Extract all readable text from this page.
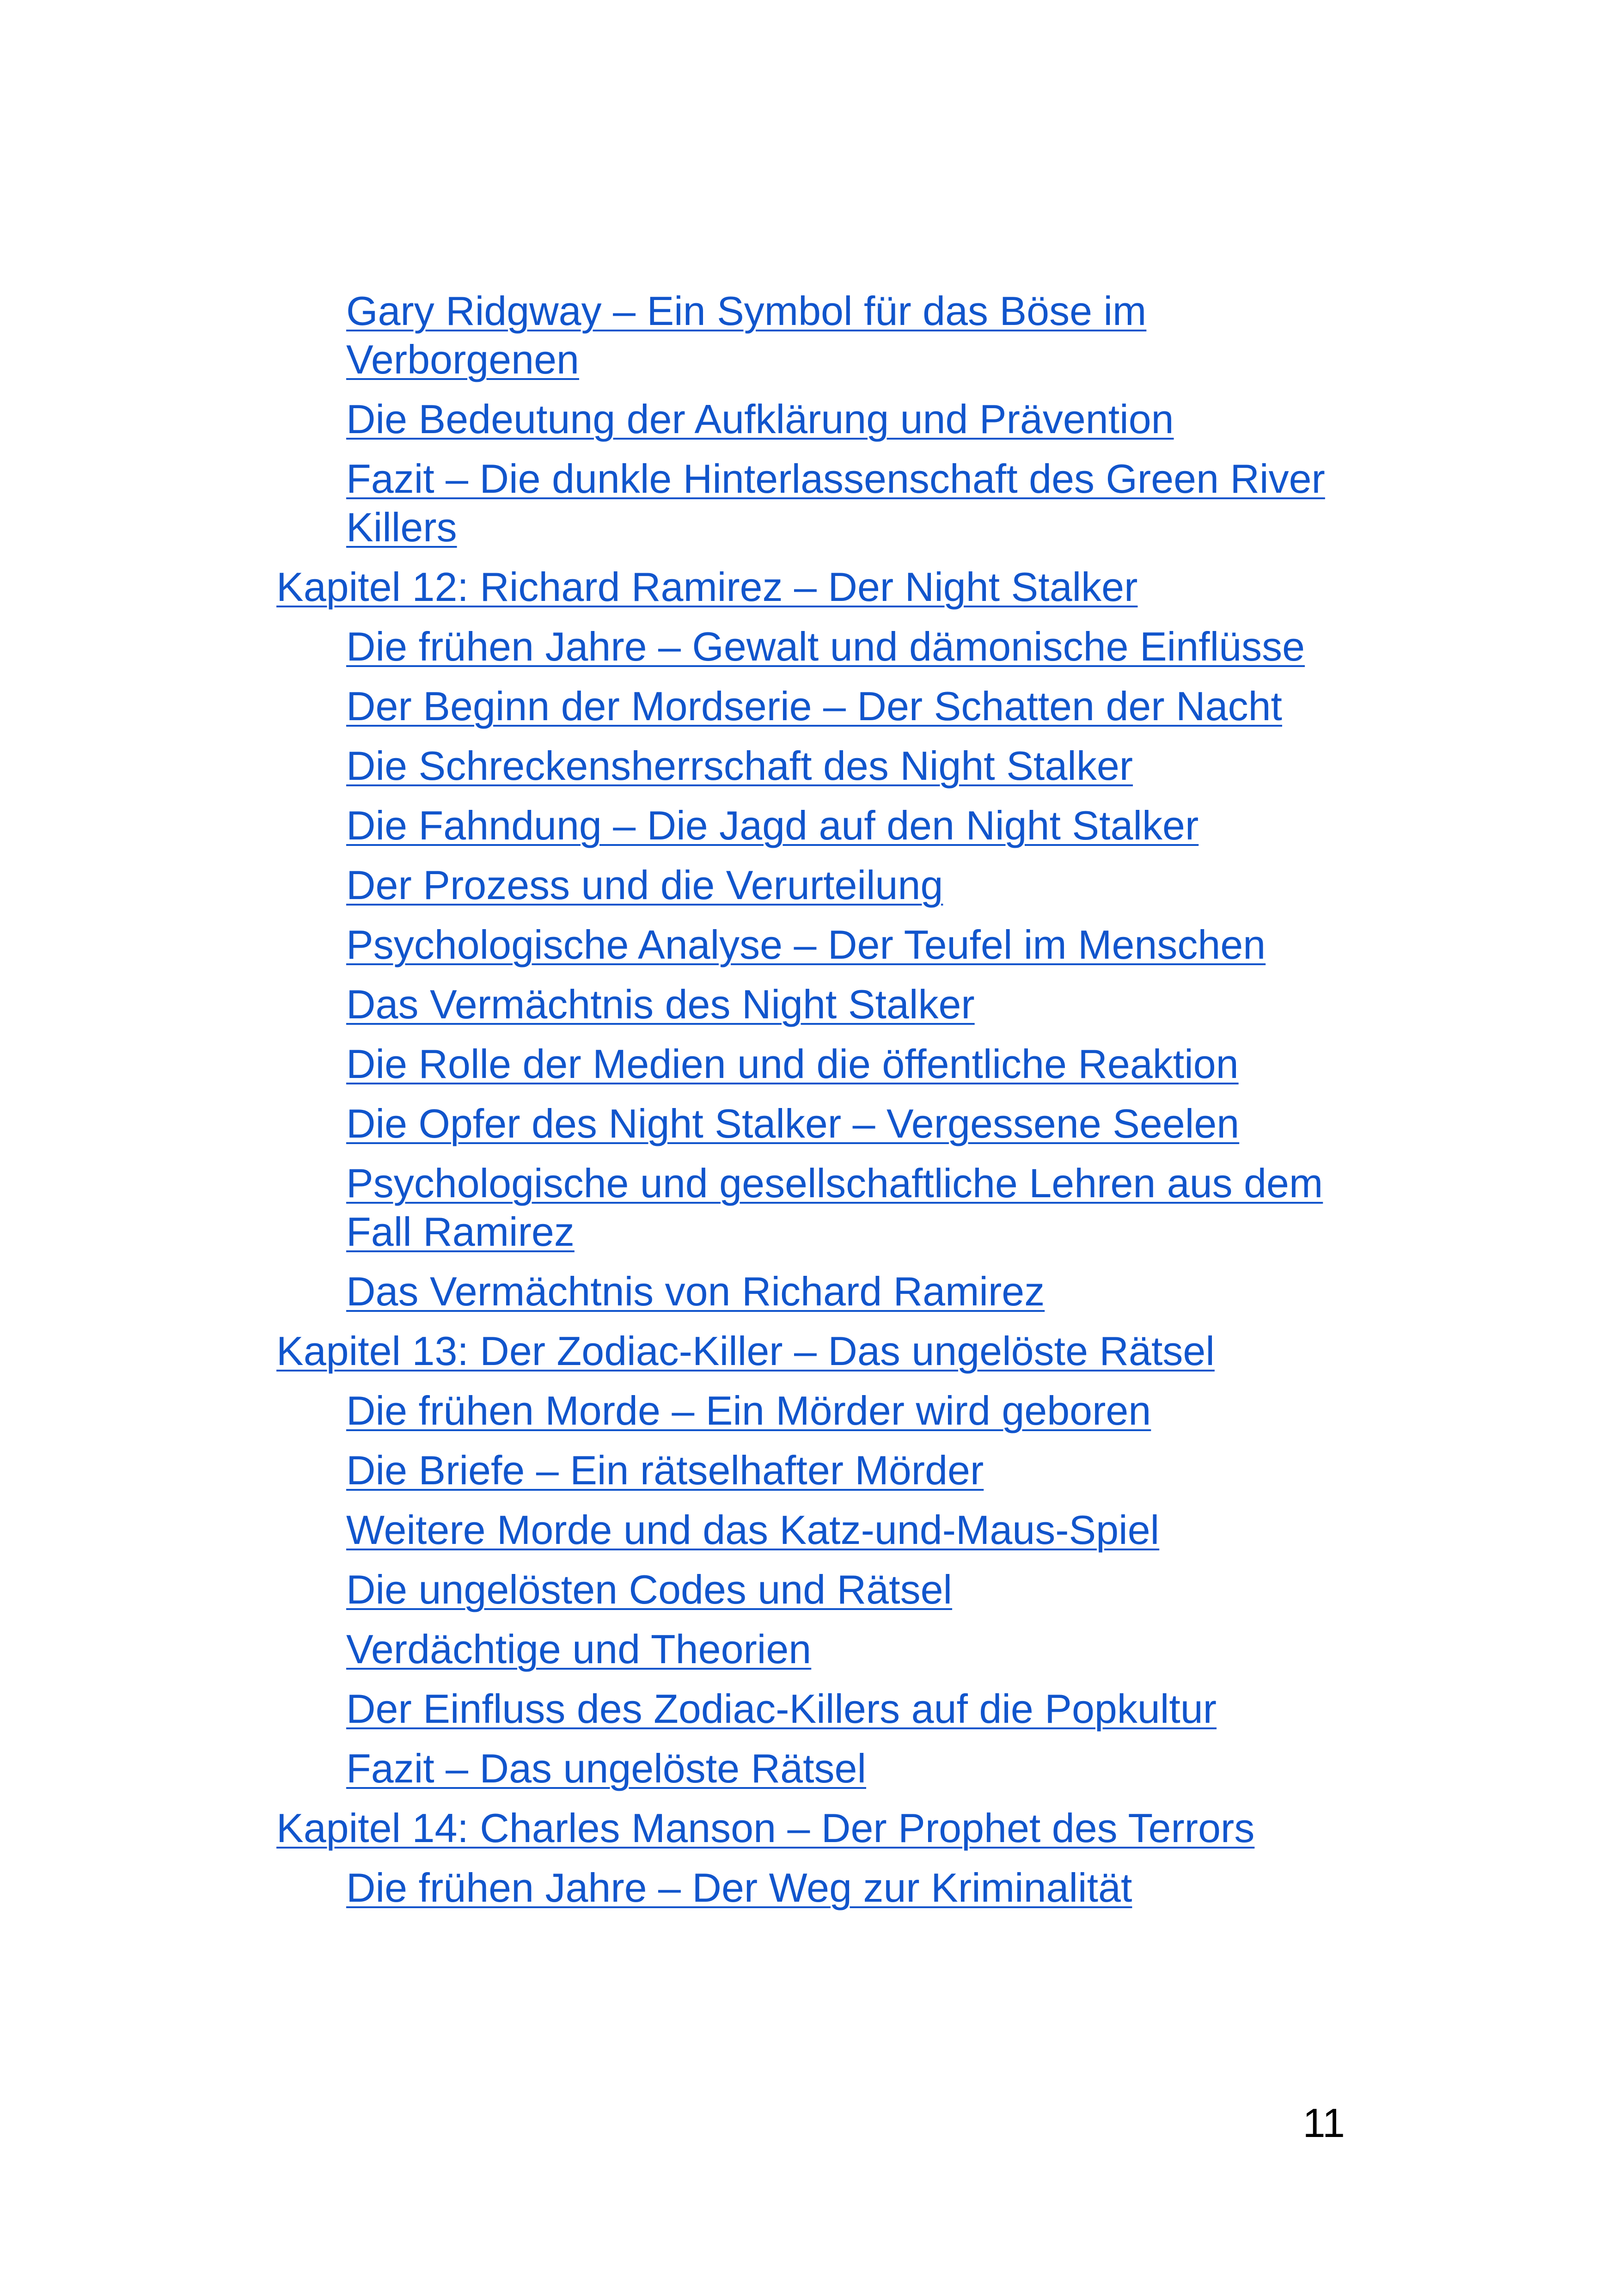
Gary Ridgway – Ein Symbol für das Böse im Verborgenen
Die Bedeutung der Aufklärung und Prävention
Fazit – Die dunkle Hinterlassenschaft des Green River Killers
Kapitel 12: Richard Ramirez – Der Night Stalker
Die frühen Jahre – Gewalt und dämonische Einflüsse
Der Beginn der Mordserie – Der Schatten der Nacht
Die Schreckensherrschaft des Night Stalker
Die Fahndung – Die Jagd auf den Night Stalker
Der Prozess und die Verurteilung
Psychologische Analyse – Der Teufel im Menschen
Das Vermächtnis des Night Stalker
Die Rolle der Medien und die öffentliche Reaktion
Die Opfer des Night Stalker – Vergessene Seelen
Psychologische und gesellschaftliche Lehren aus dem Fall Ramirez
Das Vermächtnis von Richard Ramirez
Kapitel 13: Der Zodiac-Killer – Das ungelöste Rätsel
Die frühen Morde – Ein Mörder wird geboren
Die Briefe – Ein rätselhafter Mörder
Weitere Morde und das Katz-und-Maus-Spiel
Die ungelösten Codes und Rätsel
Verdächtige und Theorien
Der Einfluss des Zodiac-Killers auf die Popkultur
Fazit – Das ungelöste Rätsel
Kapitel 14: Charles Manson – Der Prophet des Terrors
Die frühen Jahre – Der Weg zur Kriminalität
11
